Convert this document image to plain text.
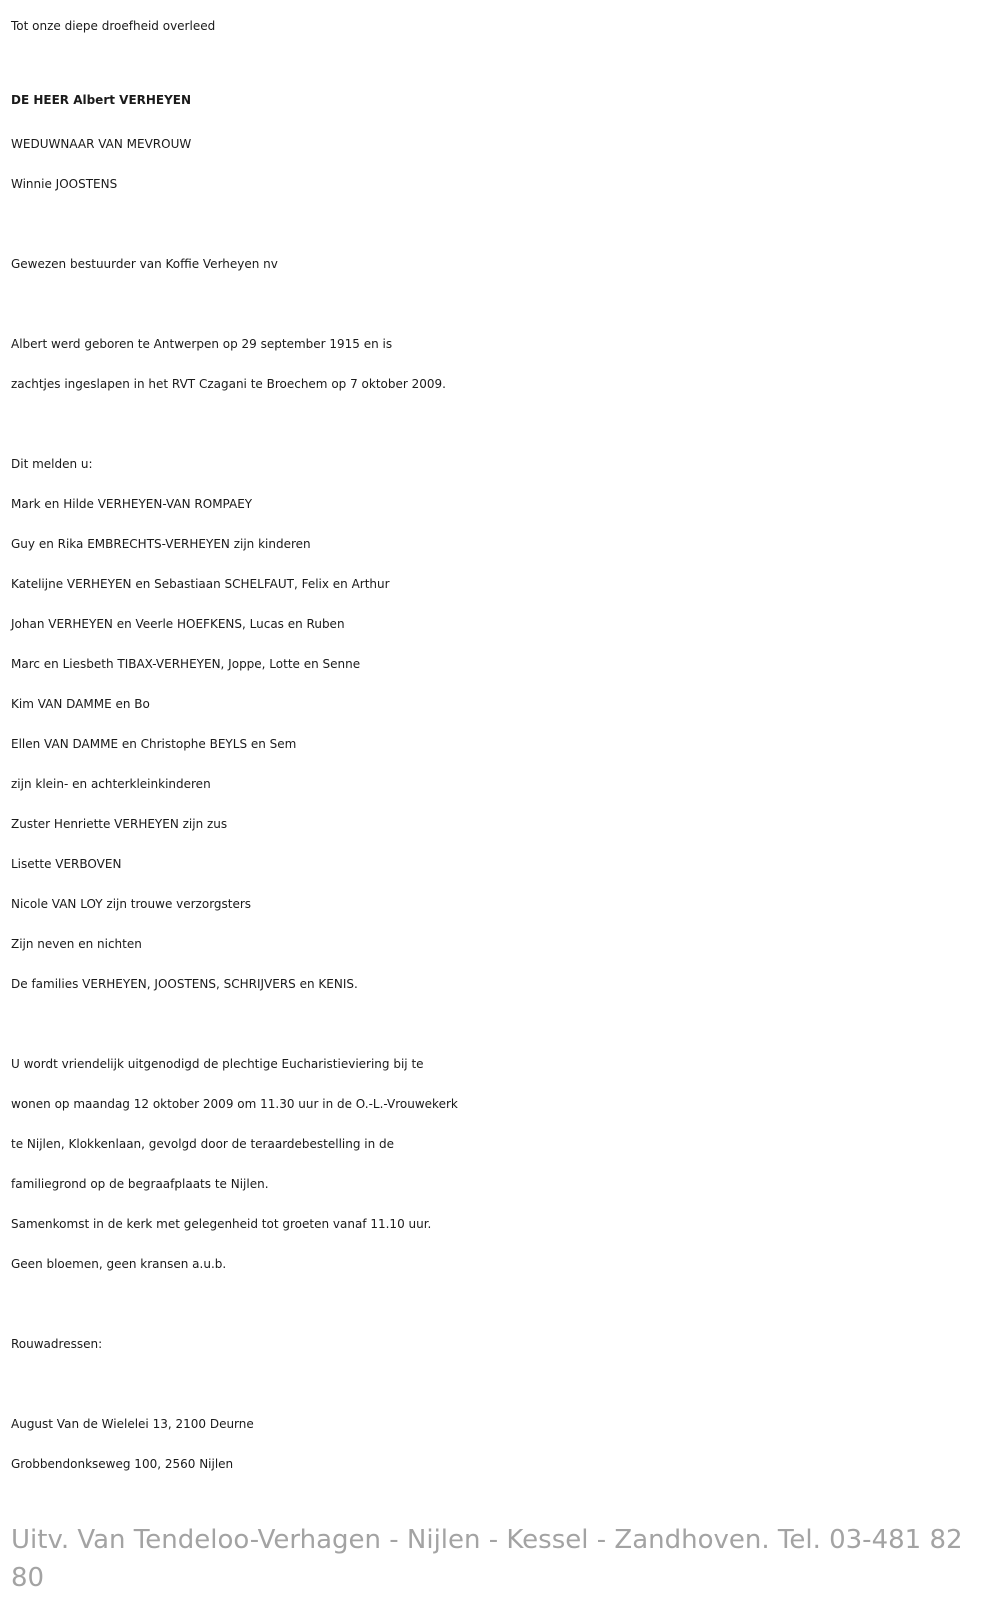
Tot onze diepe droefheid overleed
DE HEER Albert VERHEYEN
WEDUWNAAR VAN MEVROUW
Winnie JOOSTENS
Gewezen bestuurder van Koffie Verheyen nv
Albert werd geboren te Antwerpen op 29 september 1915 en is
zachtjes ingeslapen in het RVT Czagani te Broechem op 7 oktober 2009.
Dit melden u:
Mark en Hilde VERHEYEN-VAN ROMPAEY
Guy en Rika EMBRECHTS-VERHEYEN zijn kinderen
Katelijne VERHEYEN en Sebastiaan SCHELFAUT, Felix en Arthur
Johan VERHEYEN en Veerle HOEFKENS, Lucas en Ruben
Marc en Liesbeth TIBAX-VERHEYEN, Joppe, Lotte en Senne
Kim VAN DAMME en Bo
Ellen VAN DAMME en Christophe BEYLS en Sem
zijn klein- en achterkleinkinderen
Zuster Henriette VERHEYEN zijn zus
Lisette VERBOVEN
Nicole VAN LOY zijn trouwe verzorgsters
Zijn neven en nichten
De families VERHEYEN, JOOSTENS, SCHRIJVERS en KENIS.
U wordt vriendelijk uitgenodigd de plechtige Eucharistieviering bij te
wonen op maandag 12 oktober 2009 om 11.30 uur in de O.-L.-Vrouwekerk
te Nijlen, Klokkenlaan, gevolgd door de teraardebestelling in de
familiegrond op de begraafplaats te Nijlen.
Samenkomst in de kerk met gelegenheid tot groeten vanaf 11.10 uur.
Geen bloemen, geen kransen a.u.b.
Rouwadressen:
August Van de Wielelei 13, 2100 Deurne
Grobbendonkseweg 100, 2560 Nijlen
Uitv. Van Tendeloo-Verhagen - Nijlen - Kessel - Zandhoven. Tel. 03-481 82 80
